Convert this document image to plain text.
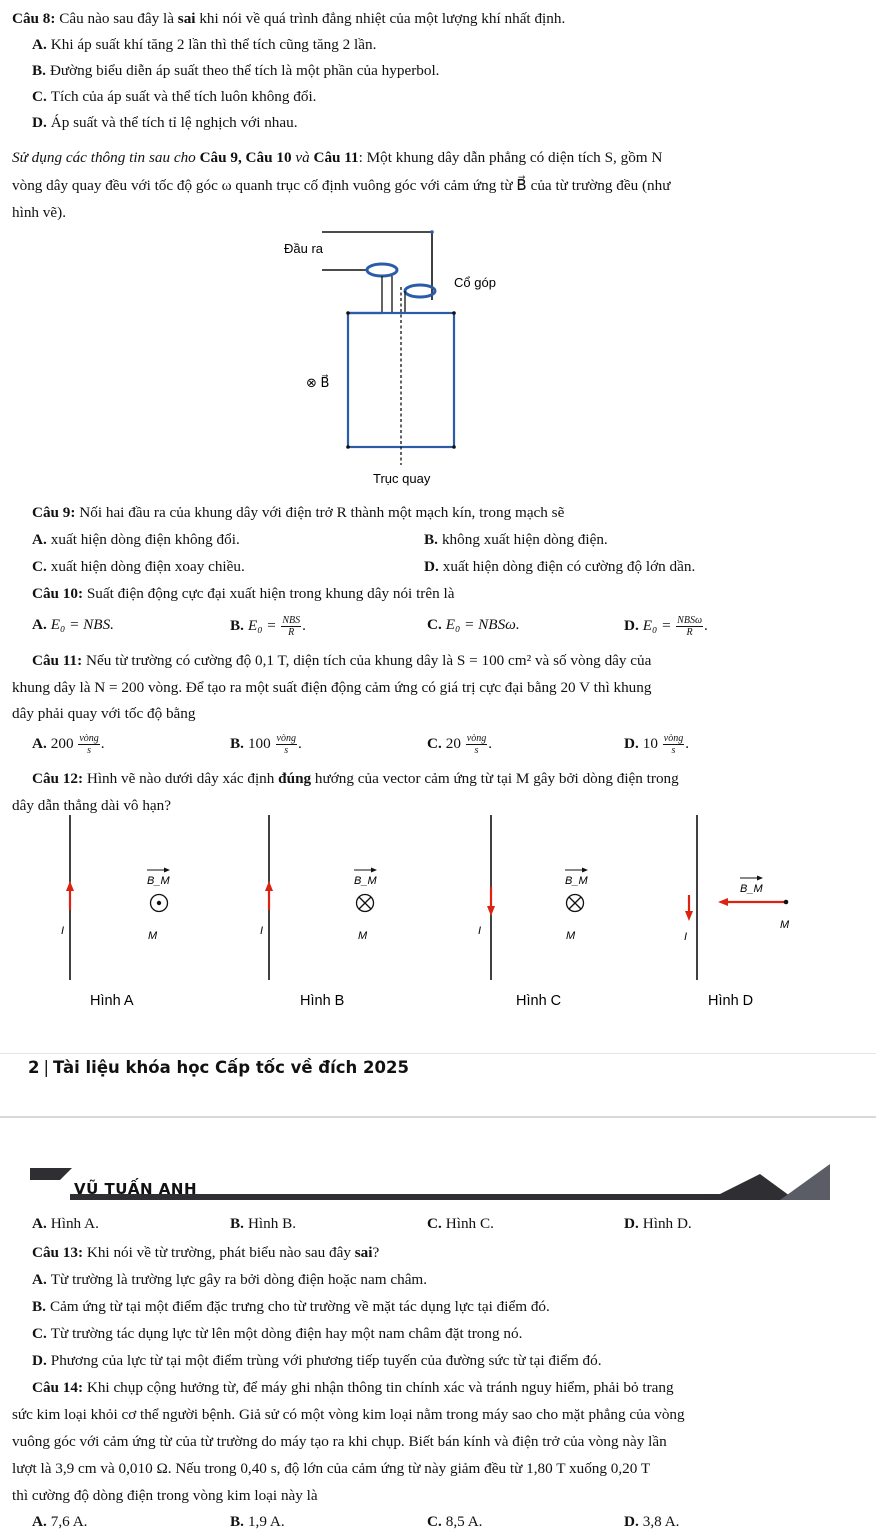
Câu 8: Câu nào sau đây là sai khi nói về quá trình đẳng nhiệt của một lượng khí nhất định.
A. Khi áp suất khí tăng 2 lần thì thể tích cũng tăng 2 lần.
B. Đường biểu diễn áp suất theo thể tích là một phần của hyperbol.
C. Tích của áp suất và thể tích luôn không đổi.
D. Áp suất và thể tích tỉ lệ nghịch với nhau.
Sử dụng các thông tin sau cho Câu 9, Câu 10 và Câu 11: Một khung dây dẫn phẳng có diện tích S, gồm N
vòng dây quay đều với tốc độ góc ω quanh trục cố định vuông góc với cảm ứng từ B⃗ của từ trường đều (như
hình vẽ).
Đầu ra
Cổ góp
⊗ B⃗
Trục quay
Câu 9: Nối hai đầu ra của khung dây với điện trở R thành một mạch kín, trong mạch sẽ
A. xuất hiện dòng điện không đổi.	B. không xuất hiện dòng điện.
C. xuất hiện dòng điện xoay chiều.	D. xuất hiện dòng điện có cường độ lớn dần.
Câu 10: Suất điện động cực đại xuất hiện trong khung dây nói trên là
A. E₀ = NBS.	B. $E_0 = \frac{\text{NBS}}{R}$ .	C. E₀ = NBSω.	D. $E_0 = \frac{\text{NBSω}}{R}$ .
Câu 11: Nếu từ trường có cường độ 0,1 T, diện tích của khung dây là S = 100 cm² và số vòng dây của
khung dây là N = 200 vòng. Để tạo ra một suất điện động cảm ứng có giá trị cực đại bằng 20 V thì khung
dây phải quay với tốc độ bằng
A. $200 \frac{\text{vòng}}{s}$ .	B. $100 \frac{\text{vòng}}{s}$ .	C. $20 \frac{\text{vòng}}{s}$ .	D. $10 \frac{\text{vòng}}{s}$ .
Câu 12: Hình vẽ nào dưới dây xác định đúng hướng của vector cảm ứng từ tại M gây bởi dòng điện trong
dây dẫn thẳng dài vô hạn?
I
B_M
M
Hình A
I
B_M
M
Hình B
I
B_M
M
Hình C
I
B_M
M
Hình D
2 | Tài liệu khóa học Cấp tốc về đích 2025
VŨ TUẤN ANH
A. Hình A.	B. Hình B.	C. Hình C.	D. Hình D.
Câu 13: Khi nói về từ trường, phát biểu nào sau đây sai?
A. Từ trường là trường lực gây ra bởi dòng điện hoặc nam châm.
B. Cảm ứng từ tại một điểm đặc trưng cho từ trường về mặt tác dụng lực tại điểm đó.
C. Từ trường tác dụng lực từ lên một dòng điện hay một nam châm đặt trong nó.
D. Phương của lực từ tại một điểm trùng với phương tiếp tuyến của đường sức từ tại điểm đó.
Câu 14: Khi chụp cộng hưởng từ, để máy ghi nhận thông tin chính xác và tránh nguy hiểm, phải bỏ trang
sức kim loại khỏi cơ thể người bệnh. Giả sử có một vòng kim loại nằm trong máy sao cho mặt phẳng của vòng
vuông góc với cảm ứng từ của từ trường do máy tạo ra khi chụp. Biết bán kính và điện trở của vòng này lần
lượt là 3,9 cm và 0,010 Ω. Nếu trong 0,40 s, độ lớn của cảm ứng từ này giảm đều từ 1,80 T xuống 0,20 T
thì cường độ dòng điện trong vòng kim loại này là
A. 7,6 A.	B. 1,9 A.	C. 8,5 A.	D. 3,8 A.
